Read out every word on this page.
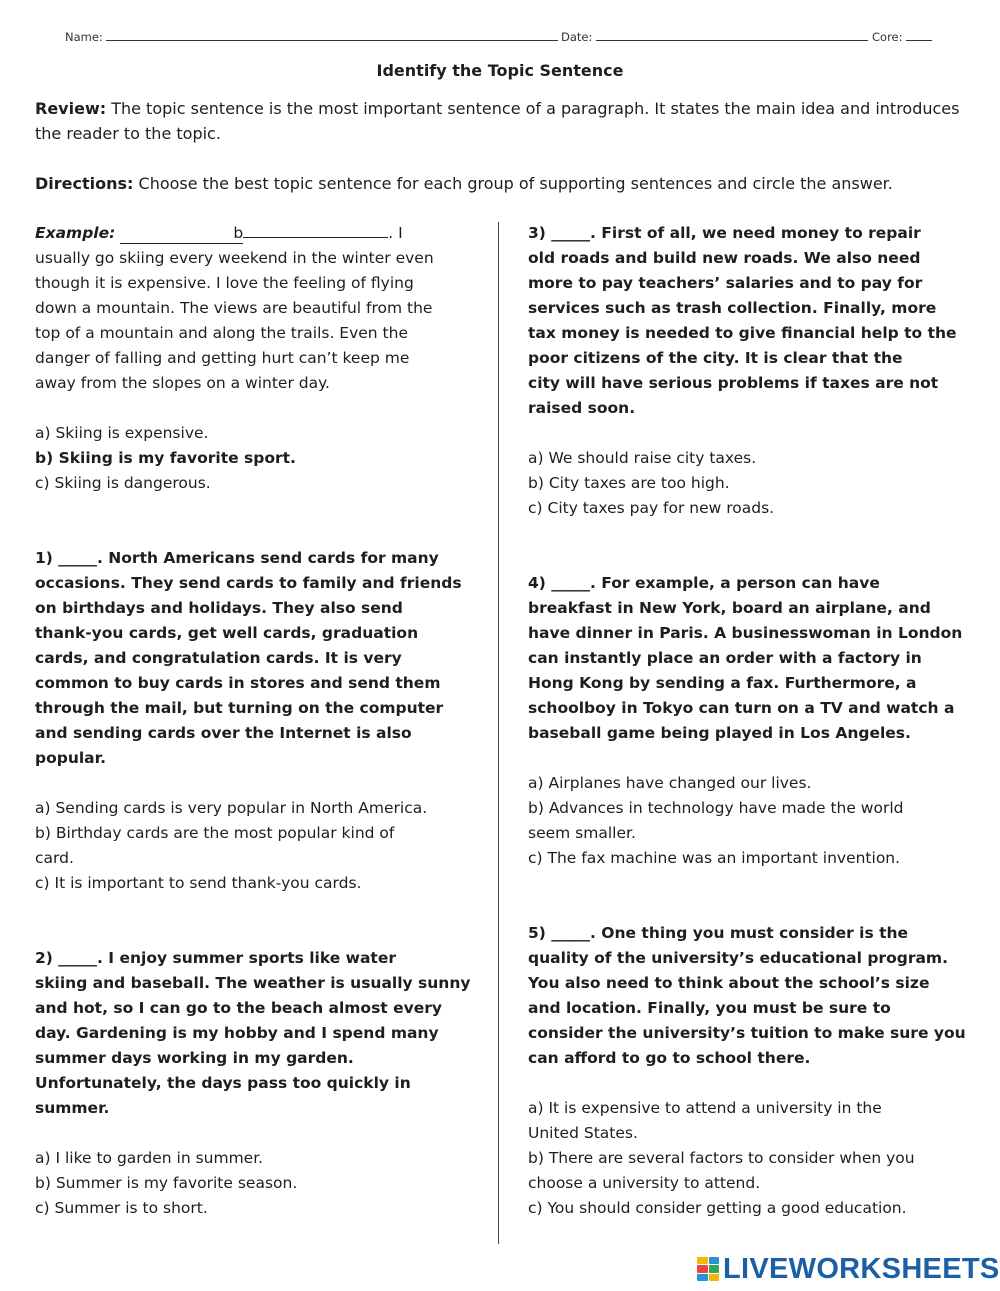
Name:	Date:	Core:
Identify the Topic Sentence
Review: The topic sentence is the most important sentence of a paragraph. It states the main idea and introduces the reader to the topic.
Directions: Choose the best topic sentence for each group of supporting sentences and circle the answer.
Example:	b	. I
usually go skiing every weekend in the winter even
though it is expensive. I love the feeling of flying
down a mountain. The views are beautiful from the
top of a mountain and along the trails. Even the
danger of falling and getting hurt can’t keep me
away from the slopes on a winter day.
a) Skiing is expensive.
b) Skiing is my favorite sport.
c) Skiing is dangerous.
1) _____. North Americans send cards for many
occasions. They send cards to family and friends
on birthdays and holidays. They also send
thank-you cards, get well cards, graduation
cards, and congratulation cards. It is very
common to buy cards in stores and send them
through the mail, but turning on the computer
and sending cards over the Internet is also
popular.
a) Sending cards is very popular in North America.
b) Birthday cards are the most popular kind of
card.
c) It is important to send thank-you cards.
2) _____. I enjoy summer sports like water
skiing and baseball. The weather is usually sunny
and hot, so I can go to the beach almost every
day. Gardening is my hobby and I spend many
summer days working in my garden.
Unfortunately, the days pass too quickly in
summer.
a) I like to garden in summer.
b) Summer is my favorite season.
c) Summer is to short.
3) _____. First of all, we need money to repair
old roads and build new roads. We also need
more to pay teachers’ salaries and to pay for
services such as trash collection. Finally, more
tax money is needed to give financial help to the
poor citizens of the city. It is clear that the
city will have serious problems if taxes are not
raised soon.
a) We should raise city taxes.
b) City taxes are too high.
c) City taxes pay for new roads.
4) _____. For example, a person can have
breakfast in New York, board an airplane, and
have dinner in Paris. A businesswoman in London
can instantly place an order with a factory in
Hong Kong by sending a fax. Furthermore, a
schoolboy in Tokyo can turn on a TV and watch a
baseball game being played in Los Angeles.
a) Airplanes have changed our lives.
b) Advances in technology have made the world
seem smaller.
c) The fax machine was an important invention.
5) _____. One thing you must consider is the
quality of the university’s educational program.
You also need to think about the school’s size
and location. Finally, you must be sure to
consider the university’s tuition to make sure you
can afford to go to school there.
a) It is expensive to attend a university in the
United States.
b) There are several factors to consider when you
choose a university to attend.
c) You should consider getting a good education.
LIVEWORKSHEETS
